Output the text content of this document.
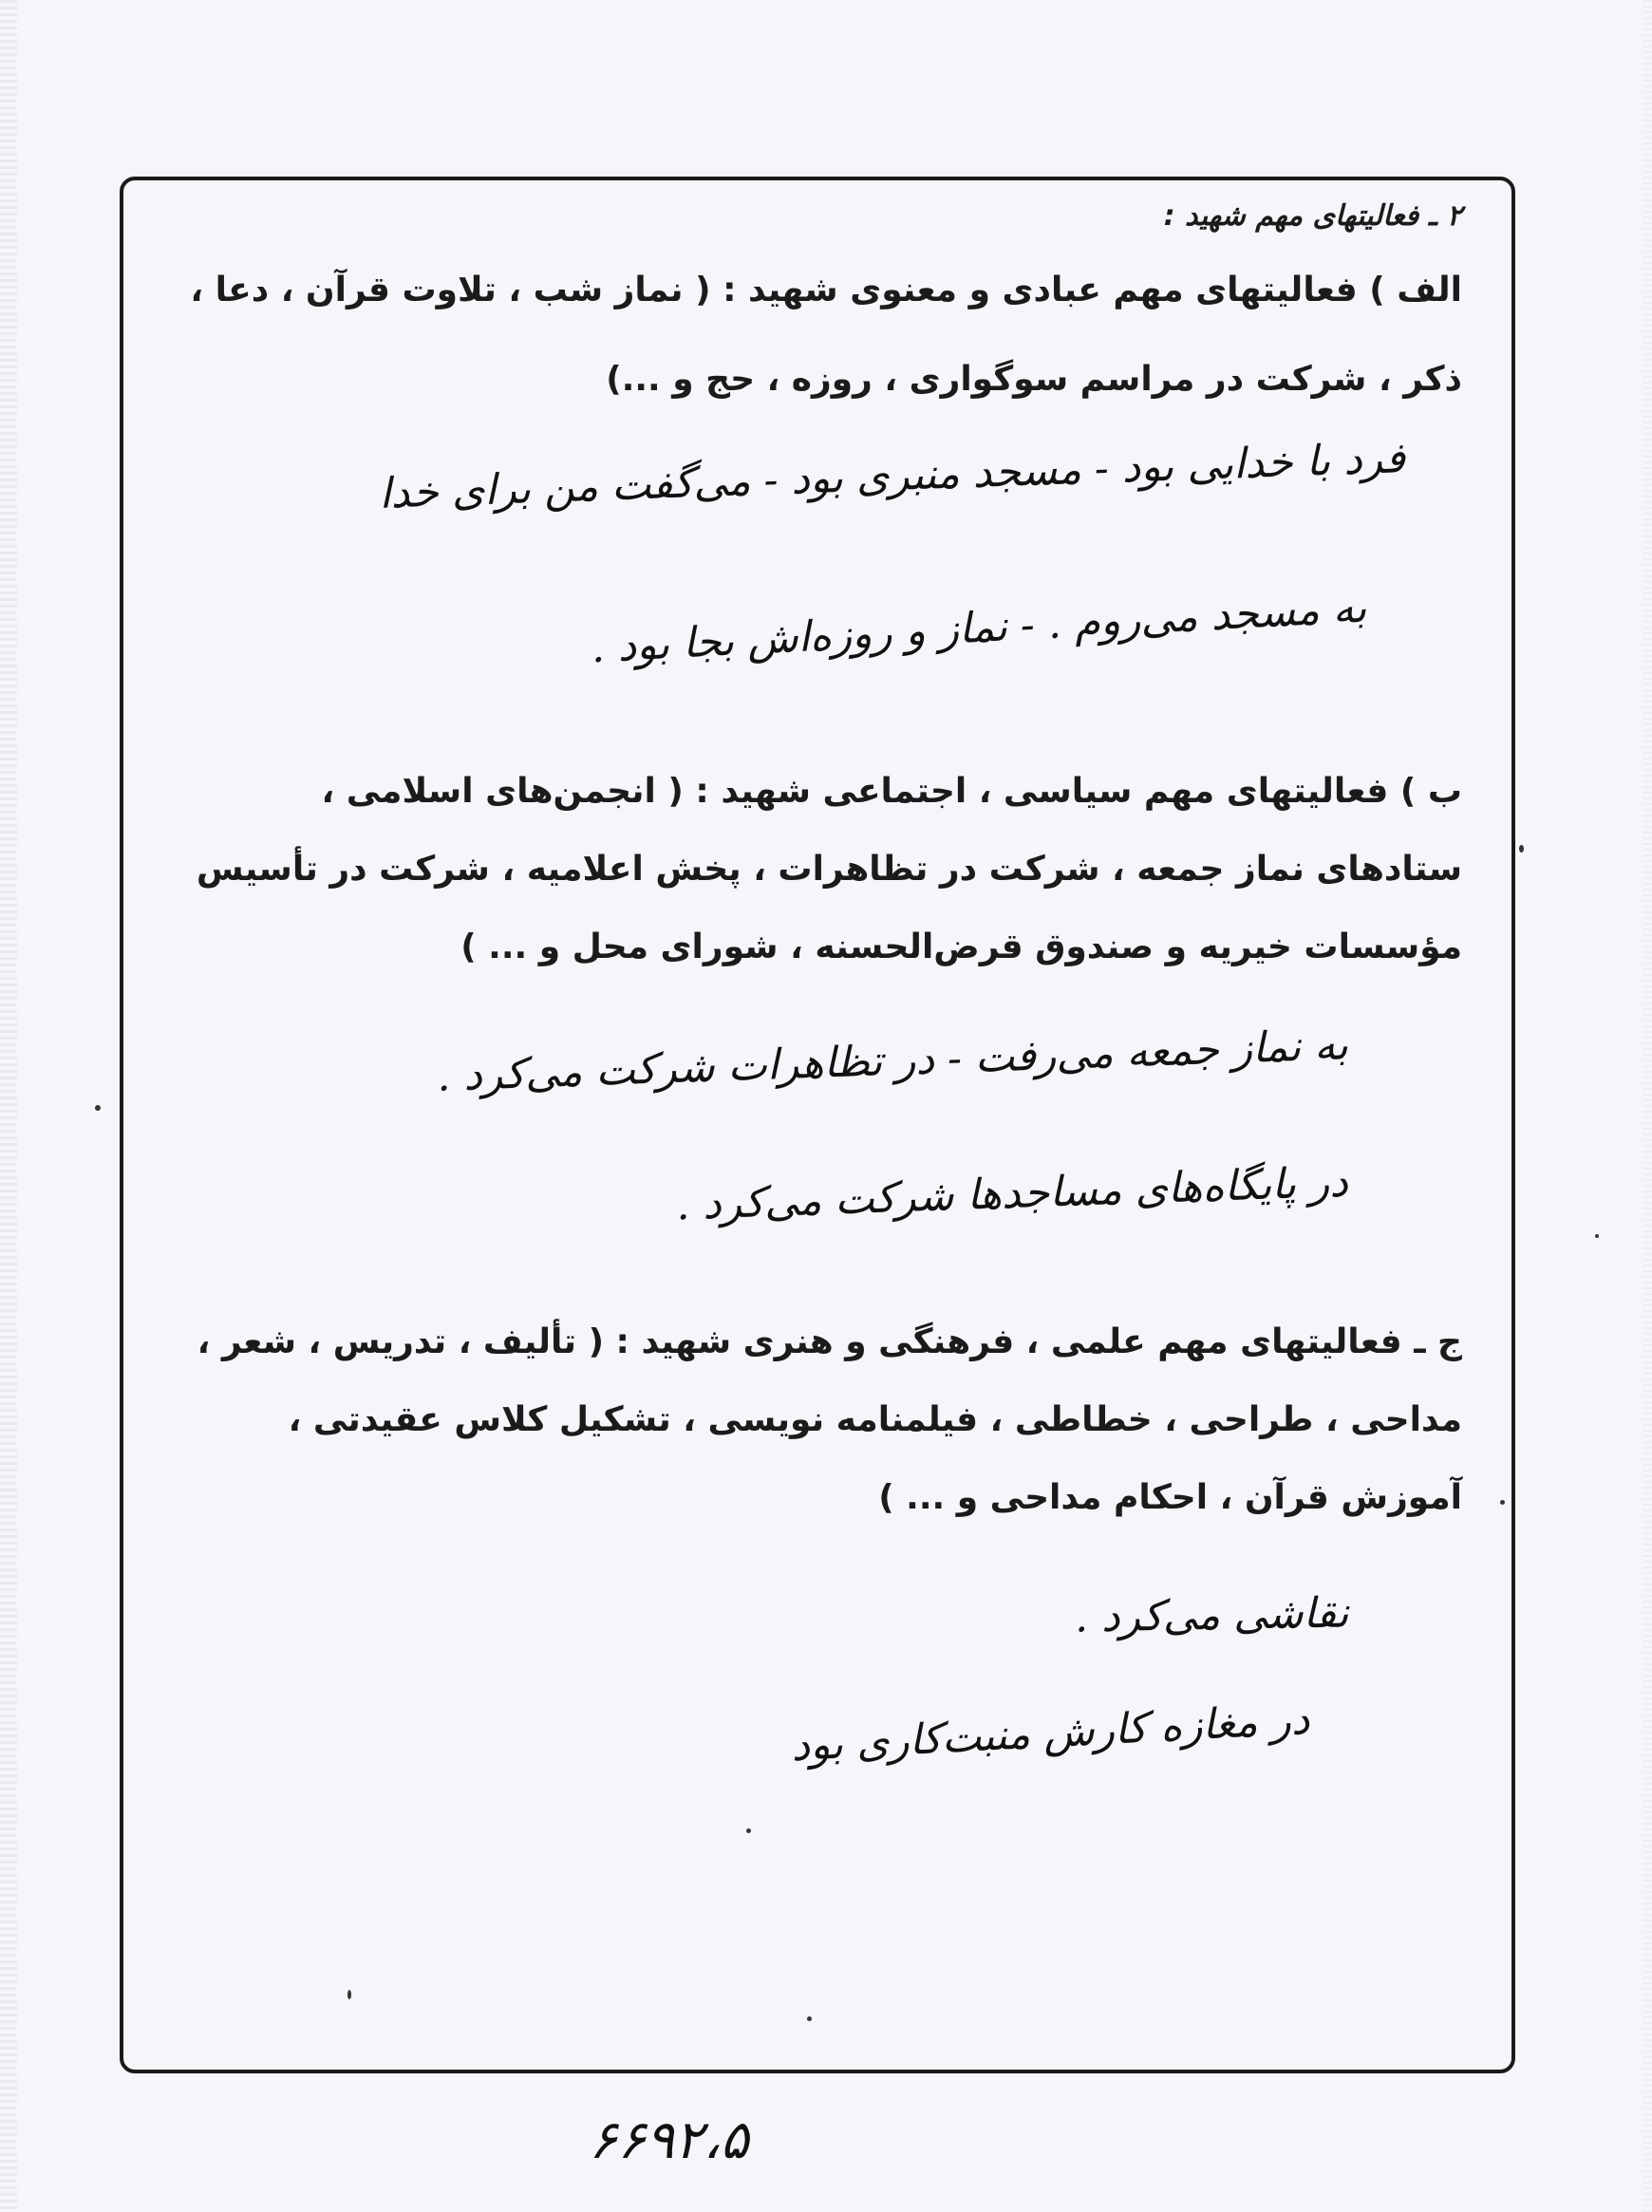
۲ ـ فعالیتهای مهم شهید :
الف ) فعالیتهای مهم عبادی و معنوی شهید : ( نماز شب ، تلاوت قرآن ، دعا ،
ذکر ، شرکت در مراسم سوگواری ، روزه ، حج و ...)
فرد با خدایی بود - مسجد منبری بود - می‌گفت من برای خدا
به مسجد می‌روم . - نماز و روزه‌اش بجا بود .
ب ) فعالیتهای مهم سیاسی ، اجتماعی شهید : ( انجمن‌های اسلامی ،
ستادهای نماز جمعه ، شرکت در تظاهرات ، پخش اعلامیه ، شرکت در تأسیس
مؤسسات خیریه و صندوق قرض‌الحسنه ، شورای محل و ... )
به نماز جمعه می‌رفت - در تظاهرات شرکت می‌کرد .
در پایگاه‌های مساجد‌ها شرکت می‌کرد .
ج ـ فعالیتهای مهم علمی ، فرهنگی و هنری شهید : ( تألیف ، تدریس ، شعر ،
مداحی ، طراحی ، خطاطی ، فیلمنامه نویسی ، تشکیل کلاس عقیدتی ،
آموزش قرآن ، احکام مداحی و ... )
نقاشی می‌کرد .
در مغازه کارش منبت‌کاری بود
۶۶۹۲،۵
